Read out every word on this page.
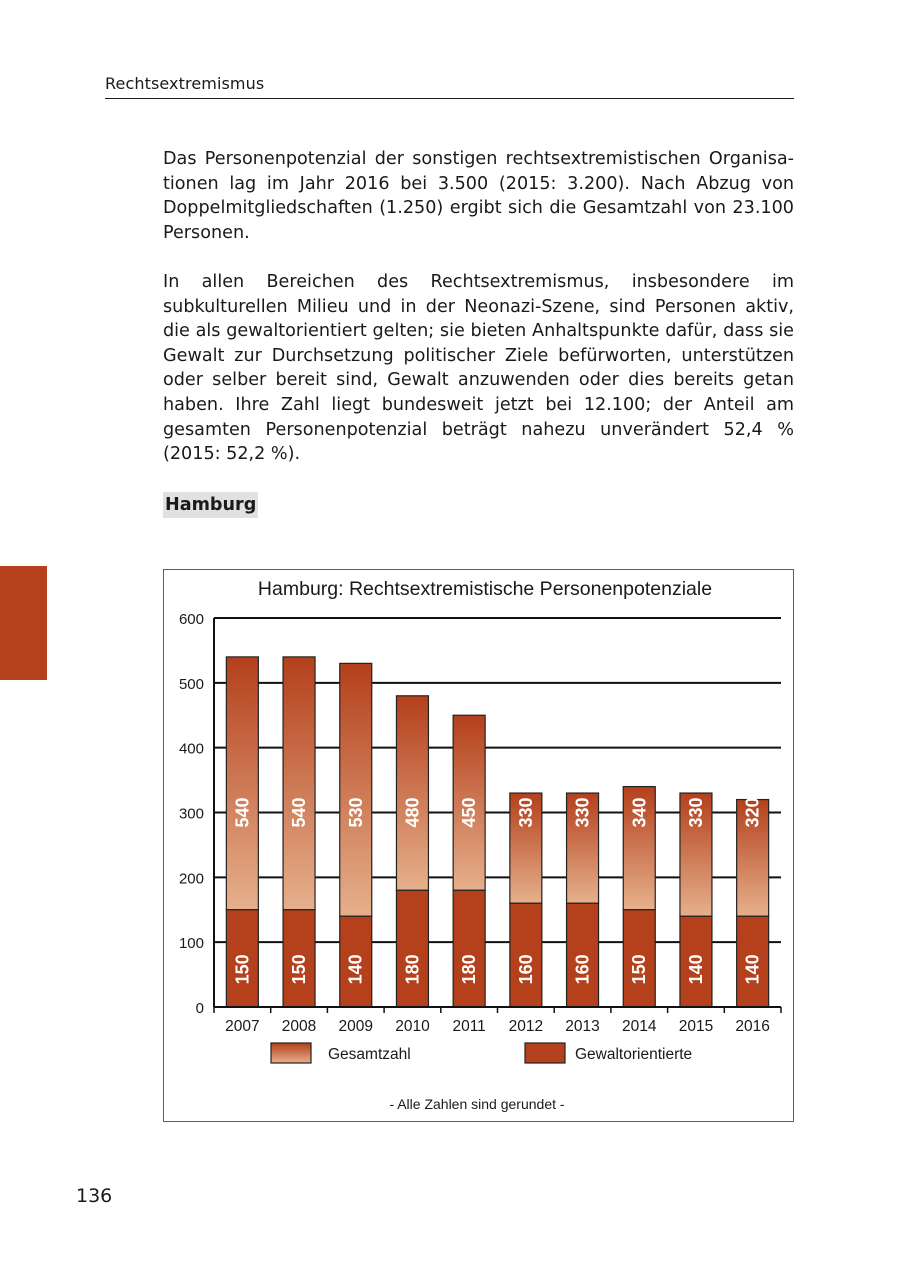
Rechtsextremismus

Das Personenpotenzial der sonstigen rechtsextremistischen Organisationen lag im Jahr 2016 bei 3.500 (2015: 3.200). Nach Abzug von Doppelmitgliedschaften (1.250) ergibt sich die Gesamtzahl von 23.100 Personen.

In allen Bereichen des Rechtsextremismus, insbesondere im subkulturellen Milieu und in der Neonazi-Szene, sind Personen aktiv, die als gewaltorientiert gelten; sie bieten Anhaltspunkte dafür, dass sie Gewalt zur Durchsetzung politischer Ziele befürworten, unterstützen oder selber bereit sind, Gewalt anzuwenden oder dies bereits getan haben. Ihre Zahl liegt bundesweit jetzt bei 12.100; der Anteil am gesamten Personenpotenzial beträgt nahezu unverändert 52,4 % (2015: 52,2 %).

Hamburg
Hamburg: Rechtsextremistische Personenpotenziale
540
150
540
150
530
140
480
180
450
180
330
160
330
160
340
150
330
140
320
140
0
100
200
300
400
500
600
2007 2008 2009 2010 2011 2012 2013 2014 2015 2016
Gesamtzahl	Gewaltorientierte
- Alle Zahlen sind gerundet -
136
